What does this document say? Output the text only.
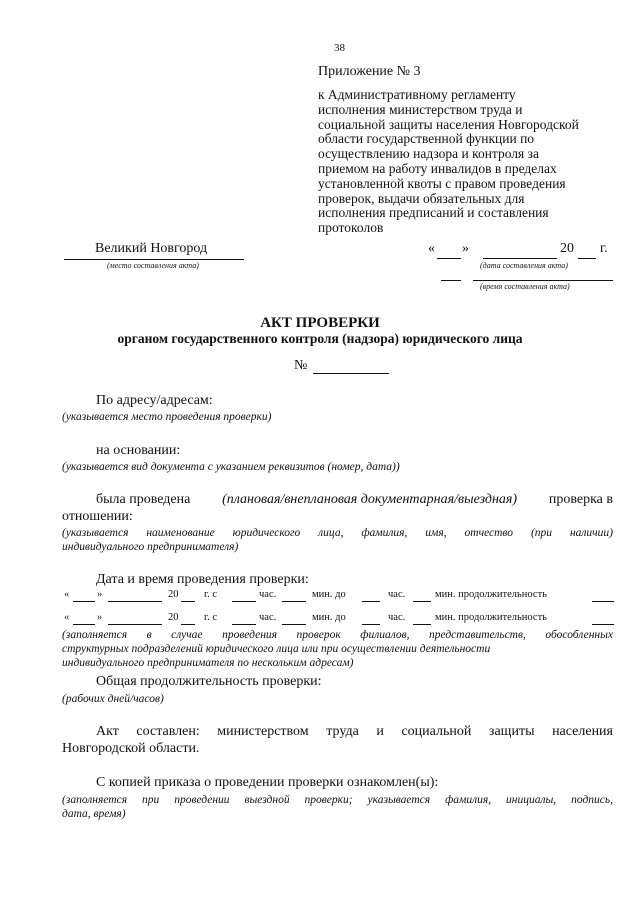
38
Приложение № 3
к Административному регламенту
исполнения министерством труда и
социальной защиты населения Новгородской
области государственной функции по
осуществлению надзора и контроля за
приемом на работу инвалидов в пределах
установленной квоты с правом проведения
проверок, выдачи обязательных для
исполнения предписаний и составления
протоколов
Великий Новгород
(место составления акта)
« »	20 г.
(дата составления акта)
(время составления акта)
АКТ ПРОВЕРКИ
органом государственного контроля (надзора) юридического лица
№
По адресу/адресам:
(указывается место проведения проверки)
на основании:
(указывается вид документа с указанием реквизитов (номер, дата))
была проведена (плановая/внеплановая документарная/выездная) проверка в
отношении:
(указывается наименование юридического лица, фамилия, имя, отчество (при наличии)
индивидуального предпринимателя)
Дата и время проведения проверки:
«	»	20 г. с	час.	мин. до	час.	мин. продолжительность
«	»	20 г. с	час.	мин. до	час.	мин. продолжительность
(заполняется в случае проведения проверок филиалов, представительств, обособленных
структурных подразделений юридического лица или при осуществлении деятельности
индивидуального предпринимателя по нескольким адресам)
Общая продолжительность проверки:
(рабочих дней/часов)
Акт составлен: министерством труда и социальной защиты населения
Новгородской области.
С копией приказа о проведении проверки ознакомлен(ы):
(заполняется при проведении выездной проверки; указывается фамилия, инициалы, подпись,
дата, время)
